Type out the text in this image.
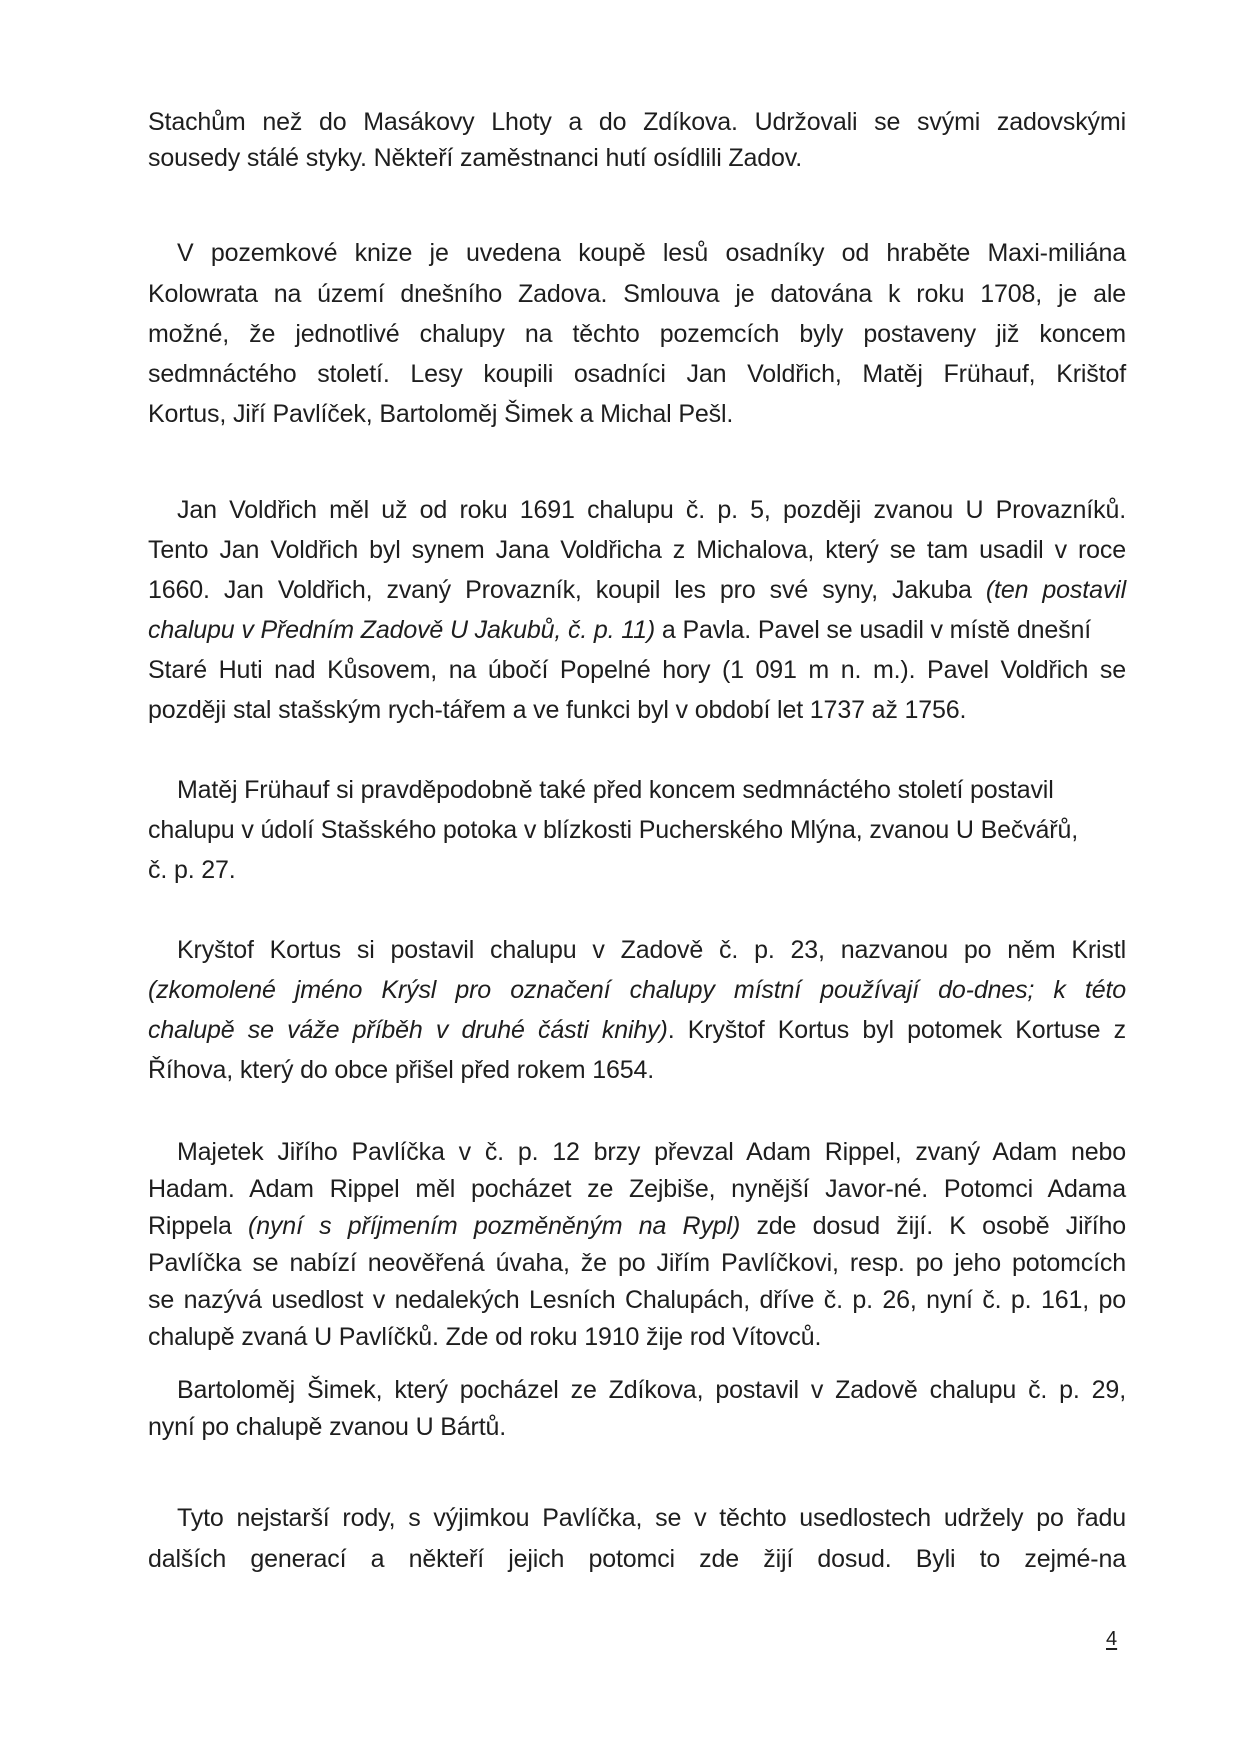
Stachům než do Masákovy Lhoty a do Zdíkova. Udržovali se svými zadovskými
sousedy stálé styky. Někteří zaměstnanci hutí osídlili Zadov.
V pozemkové knize je uvedena koupě lesů osadníky od hraběte Maxi-miliána
Kolowrata na území dnešního Zadova. Smlouva je datována k roku 1708, je ale
možné, že jednotlivé chalupy na těchto pozemcích byly postaveny již koncem
sedmnáctého století. Lesy koupili osadníci Jan Voldřich, Matěj Frühauf, Krištof
Kortus, Jiří Pavlíček, Bartoloměj Šimek a Michal Pešl.
Jan Voldřich měl už od roku 1691 chalupu č. p. 5, později zvanou U Provazníků.
Tento Jan Voldřich byl synem Jana Voldřicha z Michalova, který se tam usadil v roce
1660. Jan Voldřich, zvaný Provazník, koupil les pro své syny, Jakuba (ten postavil
chalupu v Předním Zadově U Jakubů, č. p. 11) a Pavla. Pavel se usadil v místě dnešní
Staré Huti nad Kůsovem, na úbočí Popelné hory (1 091 m n. m.). Pavel Voldřich se
později stal stašským rych-tářem a ve funkci byl v období let 1737 až 1756.
Matěj Frühauf si pravděpodobně také před koncem sedmnáctého století postavil
chalupu v údolí Stašského potoka v blízkosti Pucherského Mlýna, zvanou U Bečvářů,
č. p. 27.
Kryštof Kortus si postavil chalupu v Zadově č. p. 23, nazvanou po něm Kristl
(zkomolené jméno Krýsl pro označení chalupy místní používají do-dnes; k této
chalupě se váže příběh v druhé části knihy). Kryštof Kortus byl potomek Kortuse z
Říhova, který do obce přišel před rokem 1654.
Majetek Jiřího Pavlíčka v č. p. 12 brzy převzal Adam Rippel, zvaný Adam nebo
Hadam. Adam Rippel měl pocházet ze Zejbiše, nynější Javor-né. Potomci Adama
Rippela (nyní s příjmením pozměněným na Rypl) zde dosud žijí. K osobě Jiřího
Pavlíčka se nabízí neověřená úvaha, že po Jiřím Pavlíčkovi, resp. po jeho potomcích
se nazývá usedlost v nedalekých Lesních Chalupách, dříve č. p. 26, nyní č. p. 161, po
chalupě zvaná U Pavlíčků. Zde od roku 1910 žije rod Vítovců.
Bartoloměj Šimek, který pocházel ze Zdíkova, postavil v Zadově chalupu č. p. 29,
nyní po chalupě zvanou U Bártů.
Tyto nejstarší rody, s výjimkou Pavlíčka, se v těchto usedlostech udržely po řadu
dalších generací a někteří jejich potomci zde žijí dosud. Byli to zejmé-na
4
